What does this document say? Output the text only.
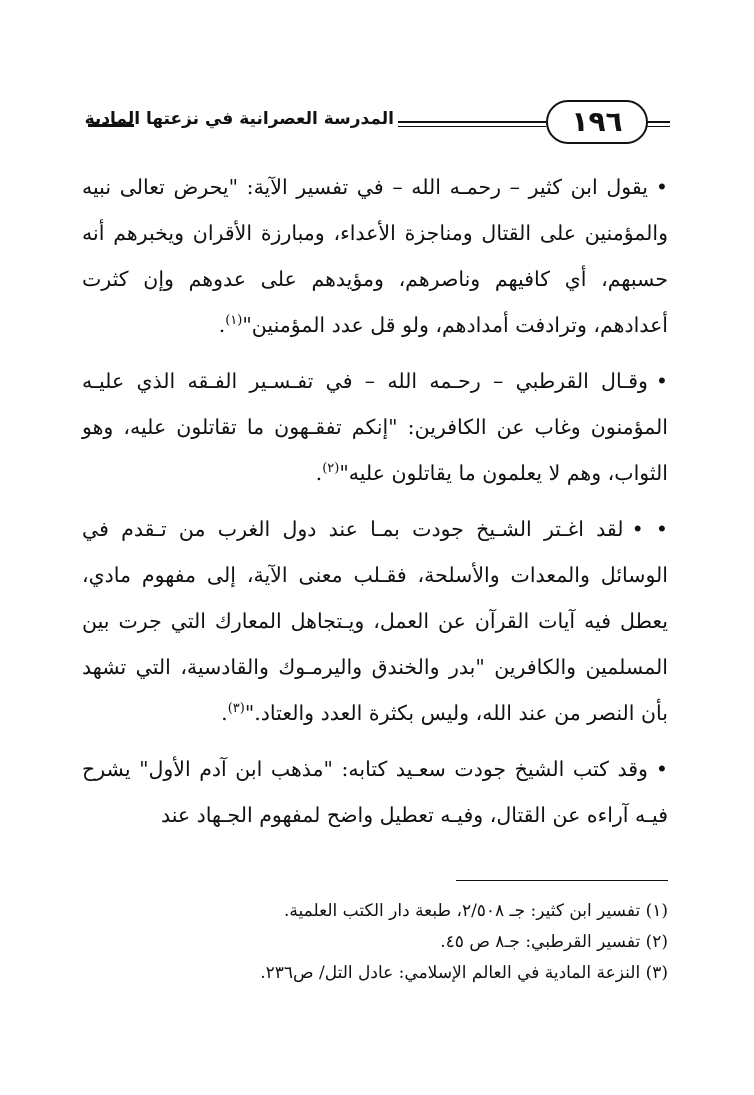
١٩٦
المدرسة العصرانية في نزعتها المادية

•يقول ابن كثير – رحمـه الله – في تفسير الآية: "يحرض تعالى نبيه والمؤمنين على القتال ومناجزة الأعداء، ومبارزة الأقران ويخبرهم أنه حسبهم، أي كافيهم وناصرهم، ومؤيدهم على عدوهم وإن كثرت أعدادهم، وترادفت أمدادهم، ولو قل عدد المؤمنين"$^{(١)}$.

•وقـال القرطبي – رحـمه الله – في تفـسـير الفـقه الذي عليـه المؤمنون وغاب عن الكافرين: "إنكم تفقـهون ما تقاتلون عليه، وهو الثواب، وهم لا يعلمون ما يقاتلون عليه"$^{(٢)}$.

• •لقد اغـتر الشـيخ جودت بمـا عند دول الغرب من تـقدم في الوسائل والمعدات والأسلحة، فقـلب معنى الآية، إلى مفهوم مادي، يعطل فيه آيات القرآن عن العمل، ويـتجاهل المعارك التي جرت بين المسلمين والكافرين "بدر والخندق واليرمـوك والقادسية، التي تشهد بأن النصر من عند الله، وليس بكثرة العدد والعتاد."$^{(٣)}$.

•وقد كتب الشيخ جودت سعـيد كتابه: "مذهب ابن آدم الأول" يشرح فيـه آراءه عن القتال، وفيـه تعطيل واضح لمفهوم الجـهاد عند

(١) تفسير ابن كثير: جـ ٢/٥٠٨، طبعة دار الكتب العلمية.

(٢) تفسير القرطبي: جـ٨ ص ٤٥.

(٣) النزعة المادية في العالم الإسلامي: عادل التل/ ص٢٣٦.
